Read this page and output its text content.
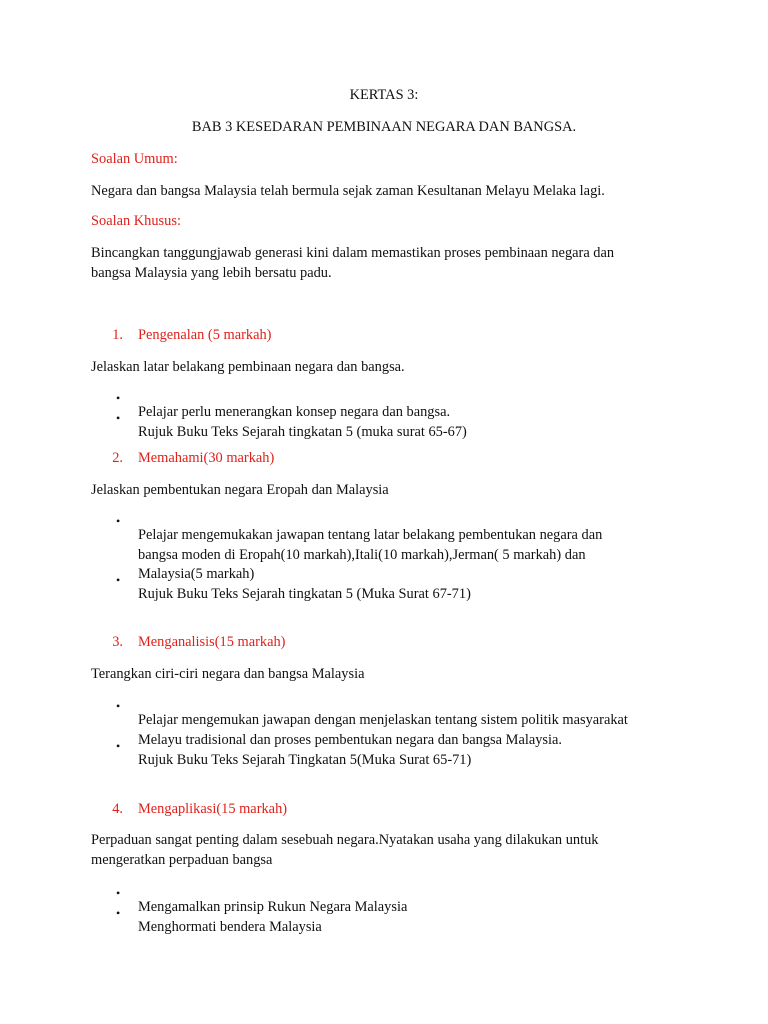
KERTAS 3:

BAB 3 KESEDARAN PEMBINAAN NEGARA DAN BANGSA.

Soalan Umum:

Negara dan bangsa Malaysia telah bermula sejak zaman Kesultanan Melayu Melaka lagi.

Soalan Khusus:

Bincangkan tanggungjawab generasi kini dalam memastikan proses pembinaan negara dan

bangsa Malaysia yang lebih bersatu padu.

1. Pengenalan (5 markah)

Jelaskan latar belakang pembinaan negara dan bangsa.

•

Pelajar perlu menerangkan konsep negara dan bangsa.

•

Rujuk Buku Teks Sejarah tingkatan 5 (muka surat 65-67)

2. Memahami(30 markah)

Jelaskan pembentukan negara Eropah dan Malaysia

•

Pelajar mengemukakan jawapan tentang latar belakang pembentukan negara dan

bangsa moden di Eropah(10 markah),Itali(10 markah),Jerman( 5 markah) dan

Malaysia(5 markah)

•

Rujuk Buku Teks Sejarah tingkatan 5 (Muka Surat 67-71)

3. Menganalisis(15 markah)

Terangkan ciri-ciri negara dan bangsa Malaysia

•

Pelajar mengemukan jawapan dengan menjelaskan tentang sistem politik masyarakat

Melayu tradisional dan proses pembentukan negara dan bangsa Malaysia.

•

Rujuk Buku Teks Sejarah Tingkatan 5(Muka Surat 65-71)

4. Mengaplikasi(15 markah)

Perpaduan sangat penting dalam sesebuah negara.Nyatakan usaha yang dilakukan untuk

mengeratkan perpaduan bangsa

•

Mengamalkan prinsip Rukun Negara Malaysia

•

Menghormati bendera Malaysia
